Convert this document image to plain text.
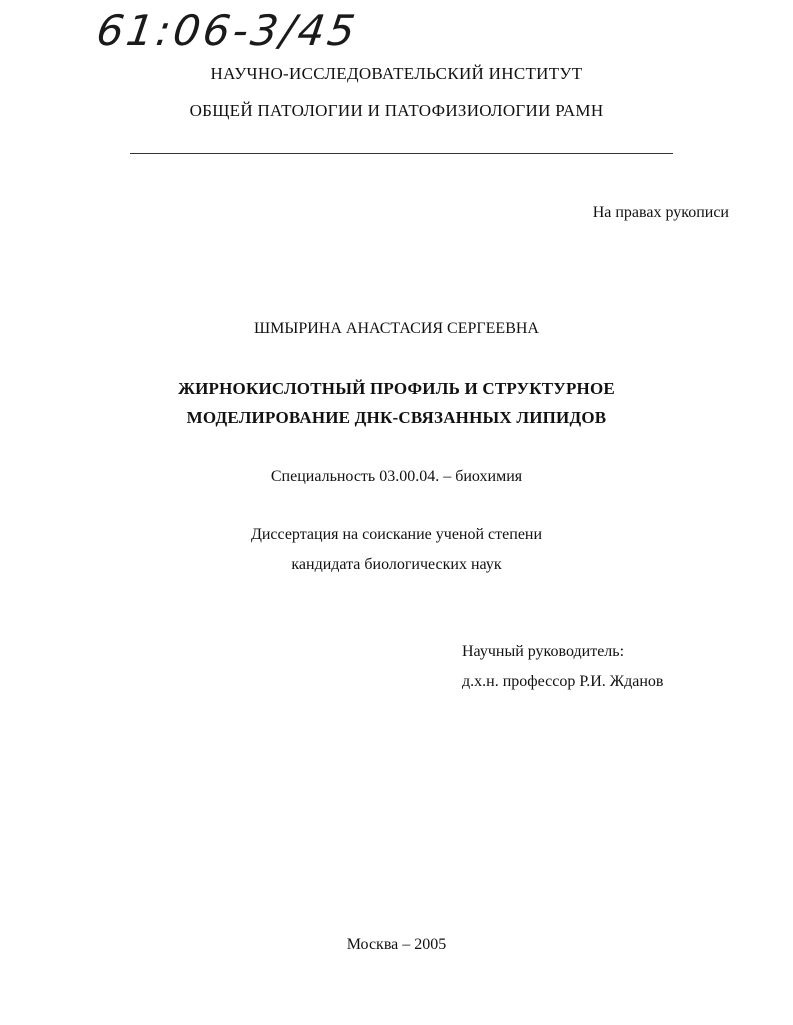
61:06-3/45
НАУЧНО-ИССЛЕДОВАТЕЛЬСКИЙ ИНСТИТУТ
ОБЩЕЙ ПАТОЛОГИИ И ПАТОФИЗИОЛОГИИ РАМН
На правах рукописи
ШМЫРИНА АНАСТАСИЯ СЕРГЕЕВНА
ЖИРНОКИСЛОТНЫЙ ПРОФИЛЬ И СТРУКТУРНОЕ
МОДЕЛИРОВАНИЕ ДНК-СВЯЗАННЫХ ЛИПИДОВ
Специальность 03.00.04. – биохимия
Диссертация на соискание ученой степени
кандидата биологических наук
Научный руководитель:
д.х.н. профессор Р.И. Жданов
Москва – 2005
